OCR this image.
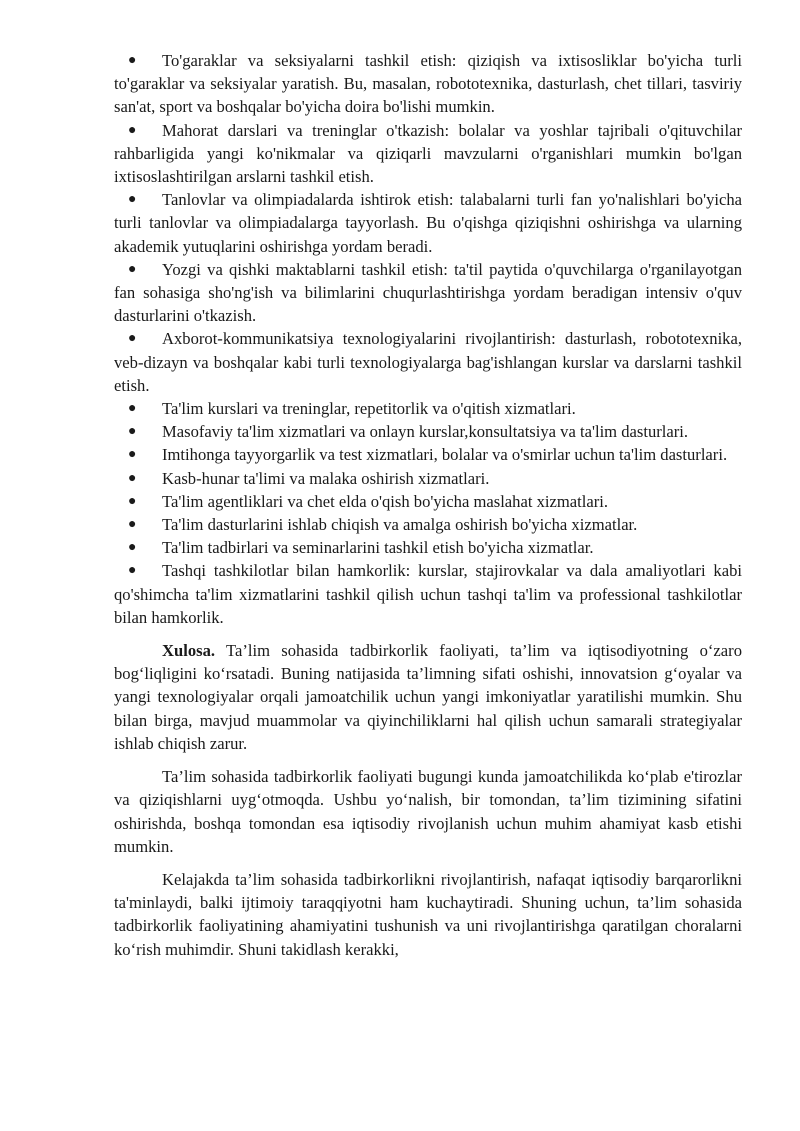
● To'garaklar va seksiyalarni tashkil etish: qiziqish va ixtisosliklar bo'yicha turli to'garaklar va seksiyalar yaratish. Bu, masalan, robototexnika, dasturlash, chet tillari, tasviriy san'at, sport va boshqalar bo'yicha doira bo'lishi mumkin.
● Mahorat darslari va treninglar o'tkazish: bolalar va yoshlar tajribali o'qituvchilar rahbarligida yangi ko'nikmalar va qiziqarli mavzularni o'rganishlari mumkin bo'lgan ixtisoslashtirilgan arslarni tashkil etish.
● Tanlovlar va olimpiadalarda ishtirok etish: talabalarni turli fan yo'nalishlari bo'yicha turli tanlovlar va olimpiadalarga tayyorlash. Bu o'qishga qiziqishni oshirishga va ularning akademik yutuqlarini oshirishga yordam beradi.
● Yozgi va qishki maktablarni tashkil etish: ta'til paytida o'quvchilarga o'rganilayotgan fan sohasiga sho'ng'ish va bilimlarini chuqurlashtirishga yordam beradigan intensiv o'quv dasturlarini o'tkazish.
● Axborot-kommunikatsiya texnologiyalarini rivojlantirish: dasturlash, robototexnika, veb-dizayn va boshqalar kabi turli texnologiyalarga bag'ishlangan kurslar va darslarni tashkil etish.
● Ta'lim kurslari va treninglar, repetitorlik va o'qitish xizmatlari.
● Masofaviy ta'lim xizmatlari va onlayn kurslar,konsultatsiya va ta'lim dasturlari.
● Imtihonga tayyorgarlik va test xizmatlari, bolalar va o'smirlar uchun ta'lim dasturlari.
● Kasb-hunar ta'limi va malaka oshirish xizmatlari.
● Ta'lim agentliklari va chet elda o'qish bo'yicha maslahat xizmatlari.
● Ta'lim dasturlarini ishlab chiqish va amalga oshirish bo'yicha xizmatlar.
● Ta'lim tadbirlari va seminarlarini tashkil etish bo'yicha xizmatlar.
● Tashqi tashkilotlar bilan hamkorlik: kurslar, stajirovkalar va dala amaliyotlari kabi qo'shimcha ta'lim xizmatlarini tashkil qilish uchun tashqi ta'lim va professional tashkilotlar bilan hamkorlik.

Xulosa. Ta’lim sohasida tadbirkorlik faoliyati, ta’lim va iqtisodiyotning o‘zaro bog‘liqligini ko‘rsatadi. Buning natijasida ta’limning sifati oshishi, innovatsion g‘oyalar va yangi texnologiyalar orqali jamoatchilik uchun yangi imkoniyatlar yaratilishi mumkin. Shu bilan birga, mavjud muammolar va qiyinchiliklarni hal qilish uchun samarali strategiyalar ishlab chiqish zarur.

Ta’lim sohasida tadbirkorlik faoliyati bugungi kunda jamoatchilikda ko‘plab e'tirozlar va qiziqishlarni uyg‘otmoqda. Ushbu yo‘nalish, bir tomondan, ta’lim tizimining sifatini oshirishda, boshqa tomondan esa iqtisodiy rivojlanish uchun muhim ahamiyat kasb etishi mumkin.

Kelajakda ta’lim sohasida tadbirkorlikni rivojlantirish, nafaqat iqtisodiy barqarorlikni ta'minlaydi, balki ijtimoiy taraqqiyotni ham kuchaytiradi. Shuning uchun, ta’lim sohasida tadbirkorlik faoliyatining ahamiyatini tushunish va uni rivojlantirishga qaratilgan choralarni ko‘rish muhimdir. Shuni takidlash kerakki,
